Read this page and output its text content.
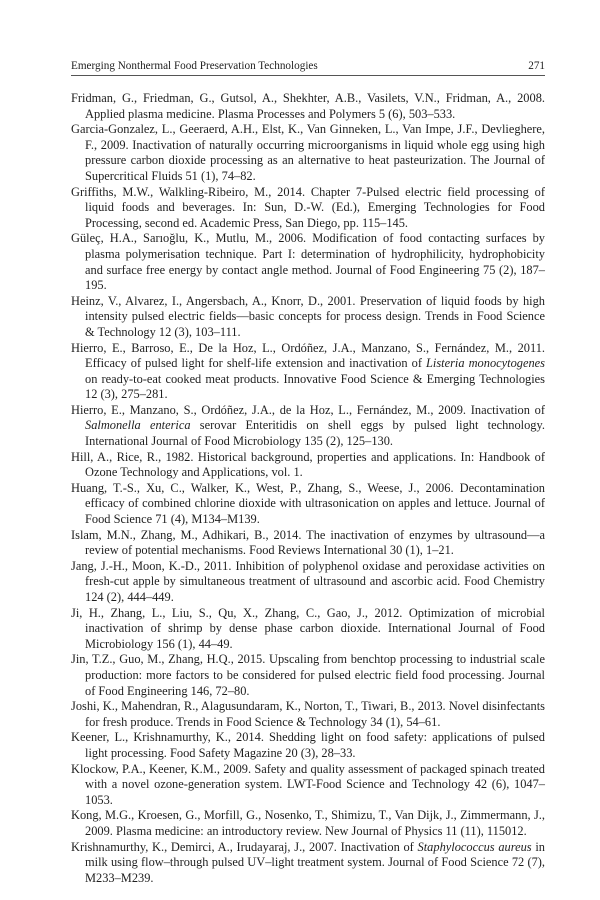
Emerging Nonthermal Food Preservation Technologies	271
Fridman, G., Friedman, G., Gutsol, A., Shekhter, A.B., Vasilets, V.N., Fridman, A., 2008. Applied plasma medicine. Plasma Processes and Polymers 5 (6), 503–533.
Garcia-Gonzalez, L., Geeraerd, A.H., Elst, K., Van Ginneken, L., Van Impe, J.F., Devlieghere, F., 2009. Inactivation of naturally occurring microorganisms in liquid whole egg using high pressure carbon dioxide processing as an alternative to heat pasteurization. The Journal of Supercritical Fluids 51 (1), 74–82.
Griffiths, M.W., Walkling-Ribeiro, M., 2014. Chapter 7-Pulsed electric field processing of liquid foods and beverages. In: Sun, D.-W. (Ed.), Emerging Technologies for Food Processing, second ed. Academic Press, San Diego, pp. 115–145.
Güleç, H.A., Sarıoğlu, K., Mutlu, M., 2006. Modification of food contacting surfaces by plasma polymerisation technique. Part I: determination of hydrophilicity, hydrophobicity and surface free energy by contact angle method. Journal of Food Engineering 75 (2), 187–195.
Heinz, V., Alvarez, I., Angersbach, A., Knorr, D., 2001. Preservation of liquid foods by high intensity pulsed electric fields—basic concepts for process design. Trends in Food Science & Technology 12 (3), 103–111.
Hierro, E., Barroso, E., De la Hoz, L., Ordóñez, J.A., Manzano, S., Fernández, M., 2011. Efficacy of pulsed light for shelf-life extension and inactivation of Listeria monocytogenes on ready-to-eat cooked meat products. Innovative Food Science & Emerging Technologies 12 (3), 275–281.
Hierro, E., Manzano, S., Ordóñez, J.A., de la Hoz, L., Fernández, M., 2009. Inactivation of Salmonella enterica serovar Enteritidis on shell eggs by pulsed light technology. International Journal of Food Microbiology 135 (2), 125–130.
Hill, A., Rice, R., 1982. Historical background, properties and applications. In: Handbook of Ozone Technology and Applications, vol. 1.
Huang, T.-S., Xu, C., Walker, K., West, P., Zhang, S., Weese, J., 2006. Decontamination efficacy of combined chlorine dioxide with ultrasonication on apples and lettuce. Journal of Food Science 71 (4), M134–M139.
Islam, M.N., Zhang, M., Adhikari, B., 2014. The inactivation of enzymes by ultrasound—a review of potential mechanisms. Food Reviews International 30 (1), 1–21.
Jang, J.-H., Moon, K.-D., 2011. Inhibition of polyphenol oxidase and peroxidase activities on fresh-cut apple by simultaneous treatment of ultrasound and ascorbic acid. Food Chemistry 124 (2), 444–449.
Ji, H., Zhang, L., Liu, S., Qu, X., Zhang, C., Gao, J., 2012. Optimization of microbial inactivation of shrimp by dense phase carbon dioxide. International Journal of Food Microbiology 156 (1), 44–49.
Jin, T.Z., Guo, M., Zhang, H.Q., 2015. Upscaling from benchtop processing to industrial scale production: more factors to be considered for pulsed electric field food processing. Journal of Food Engineering 146, 72–80.
Joshi, K., Mahendran, R., Alagusundaram, K., Norton, T., Tiwari, B., 2013. Novel disinfectants for fresh produce. Trends in Food Science & Technology 34 (1), 54–61.
Keener, L., Krishnamurthy, K., 2014. Shedding light on food safety: applications of pulsed light processing. Food Safety Magazine 20 (3), 28–33.
Klockow, P.A., Keener, K.M., 2009. Safety and quality assessment of packaged spinach treated with a novel ozone-generation system. LWT-Food Science and Technology 42 (6), 1047–1053.
Kong, M.G., Kroesen, G., Morfill, G., Nosenko, T., Shimizu, T., Van Dijk, J., Zimmermann, J., 2009. Plasma medicine: an introductory review. New Journal of Physics 11 (11), 115012.
Krishnamurthy, K., Demirci, A., Irudayaraj, J., 2007. Inactivation of Staphylococcus aureus in milk using flow–through pulsed UV–light treatment system. Journal of Food Science 72 (7), M233–M239.
